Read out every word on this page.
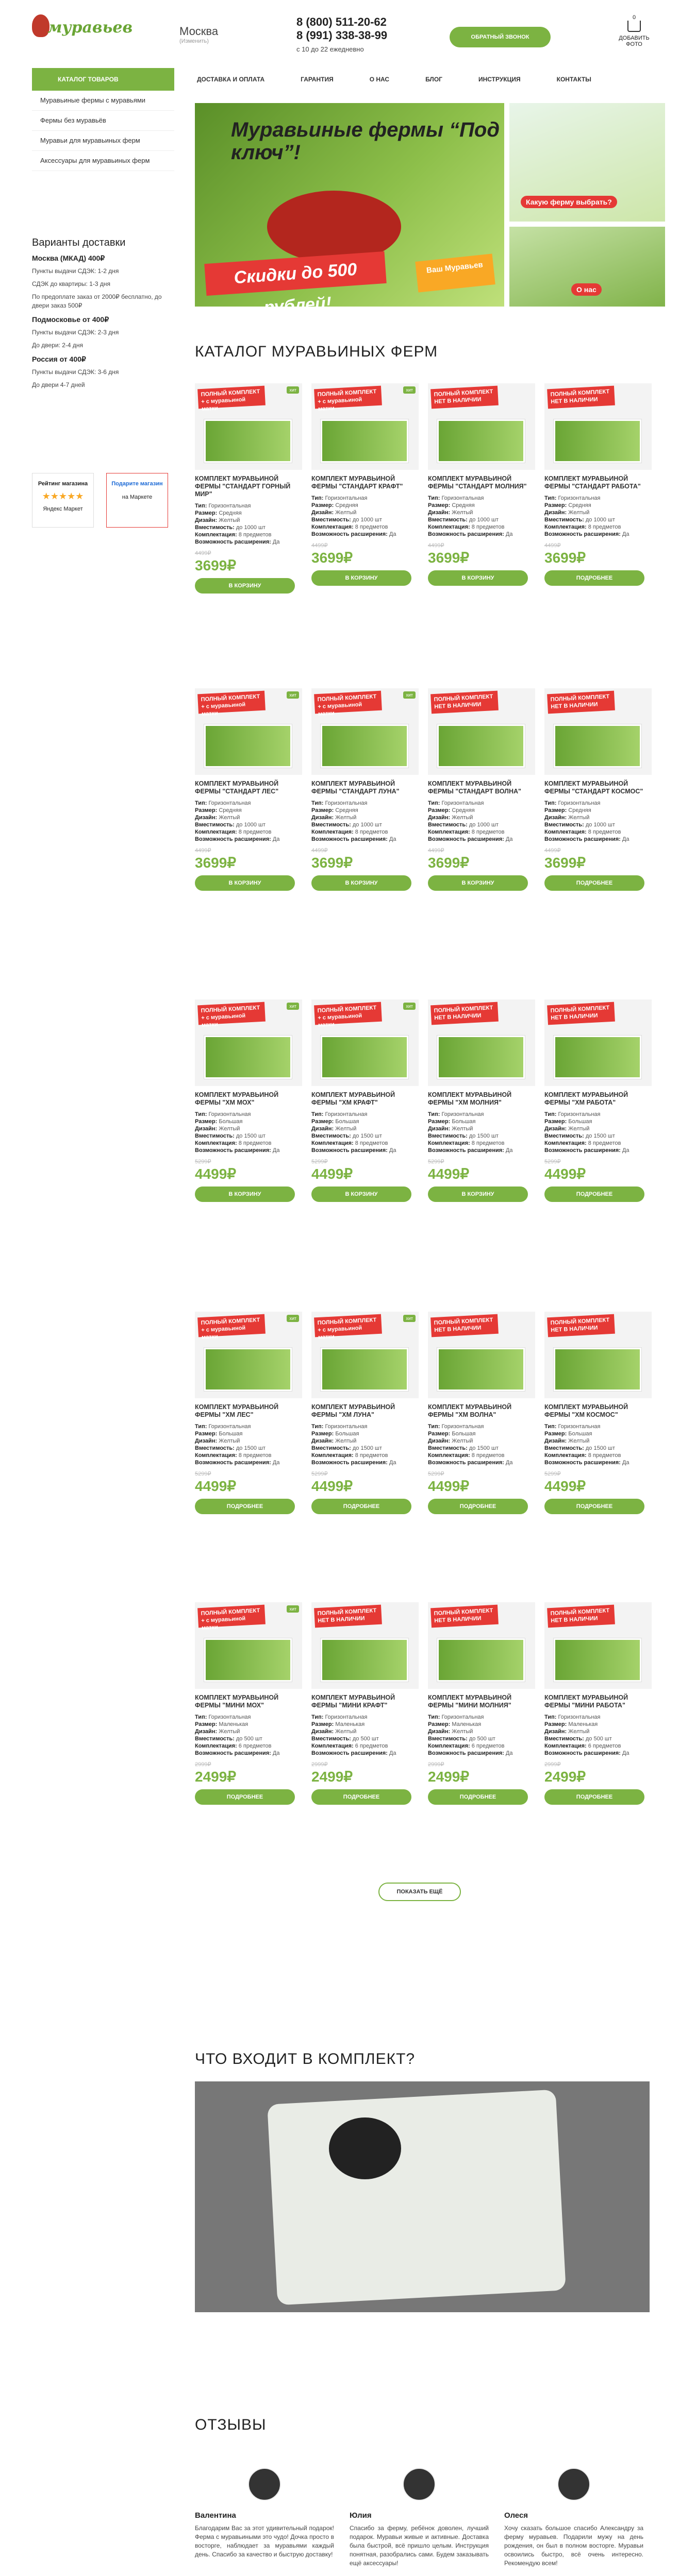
мурaвьев	Москва
(Изменить)
8 (800) 511-20-62
8 (991) 338-38-99
с 10 до 22 ежедневно
ОБРАТНЫЙ ЗВОНОК
0
ДОБАВИТЬ ФОТО
КАТАЛОГ ТОВАРОВ	ДОСТАВКА И ОПЛАТА	ГАРАНТИЯ	О НАС	БЛОГ	ИНСТРУКЦИЯ	КОНТАКТЫ
Муравьиные фермы с муравьями
Фермы без муравьёв
Муравьи для муравьиных ферм
Аксессуары для муравьиных ферм
Варианты доставки
Москва (МКАД) 400₽
Пункты выдачи СДЭК: 1-2 дня
СДЭК до квартиры: 1-3 дня
По предоплате заказ от 2000₽ бесплатно, до двери заказ 500₽
Подмосковье от 400₽
Пункты выдачи СДЭК: 2-3 дня
До двери: 2-4 дня
Россия от 400₽
Пункты выдачи СДЭК: 3-6 дня
До двери 4-7 дней
Рейтинг магазина
★★★★★
Яндекс Маркет
Подарите магазин
на Маркете
Муравьиные фермы “Под ключ”!
Скидки до 500 рублей!
Ваш Муравьев
‹	›
Какую ферму выбрать?
О нас
КАТАЛОГ МУРАВЬИНЫХ ФЕРМ
ПОЛНЫЙ КОМПЛЕКТ + с муравьиной матки
хит
КОМПЛЕКТ МУРАВЬИНОЙ ФЕРМЫ "СТАНДАРТ ГОРНЫЙ МИР"
Тип: Горизонтальная
Размер: Средняя
Дизайн: Желтый
Вместимость: до 1000 шт
Комплектация: 8 предметов
Возможность расширения: Да
4499₽
3699₽
В КОРЗИНУ
ПОЛНЫЙ КОМПЛЕКТ + с муравьиной матки
хит
КОМПЛЕКТ МУРАВЬИНОЙ ФЕРМЫ "СТАНДАРТ КРАФТ"
Тип: Горизонтальная
Размер: Средняя
Дизайн: Желтый
Вместимость: до 1000 шт
Комплектация: 8 предметов
Возможность расширения: Да
4499₽
3699₽
В КОРЗИНУ
ПОЛНЫЙ КОМПЛЕКТ НЕТ В НАЛИЧИИ
КОМПЛЕКТ МУРАВЬИНОЙ ФЕРМЫ "СТАНДАРТ МОЛНИЯ"
Тип: Горизонтальная
Размер: Средняя
Дизайн: Желтый
Вместимость: до 1000 шт
Комплектация: 8 предметов
Возможность расширения: Да
4499₽
3699₽
В КОРЗИНУ
ПОЛНЫЙ КОМПЛЕКТ НЕТ В НАЛИЧИИ
КОМПЛЕКТ МУРАВЬИНОЙ ФЕРМЫ "СТАНДАРТ РАБОТА"
Тип: Горизонтальная
Размер: Средняя
Дизайн: Желтый
Вместимость: до 1000 шт
Комплектация: 8 предметов
Возможность расширения: Да
4499₽
3699₽
ПОДРОБНЕЕ
ПОЛНЫЙ КОМПЛЕКТ + с муравьиной матки
хит
КОМПЛЕКТ МУРАВЬИНОЙ ФЕРМЫ "СТАНДАРТ ЛЕС"
Тип: Горизонтальная
Размер: Средняя
Дизайн: Желтый
Вместимость: до 1000 шт
Комплектация: 8 предметов
Возможность расширения: Да
4499₽
3699₽
В КОРЗИНУ
ПОЛНЫЙ КОМПЛЕКТ + с муравьиной матки
хит
КОМПЛЕКТ МУРАВЬИНОЙ ФЕРМЫ "СТАНДАРТ ЛУНА"
Тип: Горизонтальная
Размер: Средняя
Дизайн: Желтый
Вместимость: до 1000 шт
Комплектация: 8 предметов
Возможность расширения: Да
4499₽
3699₽
В КОРЗИНУ
ПОЛНЫЙ КОМПЛЕКТ НЕТ В НАЛИЧИИ
КОМПЛЕКТ МУРАВЬИНОЙ ФЕРМЫ "СТАНДАРТ ВОЛНА"
Тип: Горизонтальная
Размер: Средняя
Дизайн: Желтый
Вместимость: до 1000 шт
Комплектация: 8 предметов
Возможность расширения: Да
4499₽
3699₽
В КОРЗИНУ
ПОЛНЫЙ КОМПЛЕКТ НЕТ В НАЛИЧИИ
КОМПЛЕКТ МУРАВЬИНОЙ ФЕРМЫ "СТАНДАРТ КОСМОС"
Тип: Горизонтальная
Размер: Средняя
Дизайн: Желтый
Вместимость: до 1000 шт
Комплектация: 8 предметов
Возможность расширения: Да
4499₽
3699₽
ПОДРОБНЕЕ
ПОЛНЫЙ КОМПЛЕКТ + с муравьиной матки
хит
КОМПЛЕКТ МУРАВЬИНОЙ ФЕРМЫ "XM МОХ"
Тип: Горизонтальная
Размер: Большая
Дизайн: Желтый
Вместимость: до 1500 шт
Комплектация: 8 предметов
Возможность расширения: Да
5299₽
4499₽
В КОРЗИНУ
ПОЛНЫЙ КОМПЛЕКТ + с муравьиной матки
хит
КОМПЛЕКТ МУРАВЬИНОЙ ФЕРМЫ "XM КРАФТ"
Тип: Горизонтальная
Размер: Большая
Дизайн: Желтый
Вместимость: до 1500 шт
Комплектация: 8 предметов
Возможность расширения: Да
5299₽
4499₽
В КОРЗИНУ
ПОЛНЫЙ КОМПЛЕКТ НЕТ В НАЛИЧИИ
КОМПЛЕКТ МУРАВЬИНОЙ ФЕРМЫ "XM МОЛНИЯ"
Тип: Горизонтальная
Размер: Большая
Дизайн: Желтый
Вместимость: до 1500 шт
Комплектация: 8 предметов
Возможность расширения: Да
5299₽
4499₽
В КОРЗИНУ
ПОЛНЫЙ КОМПЛЕКТ НЕТ В НАЛИЧИИ
КОМПЛЕКТ МУРАВЬИНОЙ ФЕРМЫ "XM РАБОТА"
Тип: Горизонтальная
Размер: Большая
Дизайн: Желтый
Вместимость: до 1500 шт
Комплектация: 8 предметов
Возможность расширения: Да
5299₽
4499₽
ПОДРОБНЕЕ
ПОЛНЫЙ КОМПЛЕКТ + с муравьиной матки
хит
КОМПЛЕКТ МУРАВЬИНОЙ ФЕРМЫ "XM ЛЕС"
Тип: Горизонтальная
Размер: Большая
Дизайн: Желтый
Вместимость: до 1500 шт
Комплектация: 8 предметов
Возможность расширения: Да
5299₽
4499₽
ПОДРОБНЕЕ
ПОЛНЫЙ КОМПЛЕКТ + с муравьиной матки
хит
КОМПЛЕКТ МУРАВЬИНОЙ ФЕРМЫ "XM ЛУНА"
Тип: Горизонтальная
Размер: Большая
Дизайн: Желтый
Вместимость: до 1500 шт
Комплектация: 8 предметов
Возможность расширения: Да
5299₽
4499₽
ПОДРОБНЕЕ
ПОЛНЫЙ КОМПЛЕКТ НЕТ В НАЛИЧИИ
КОМПЛЕКТ МУРАВЬИНОЙ ФЕРМЫ "XM ВОЛНА"
Тип: Горизонтальная
Размер: Большая
Дизайн: Желтый
Вместимость: до 1500 шт
Комплектация: 8 предметов
Возможность расширения: Да
5299₽
4499₽
ПОДРОБНЕЕ
ПОЛНЫЙ КОМПЛЕКТ НЕТ В НАЛИЧИИ
КОМПЛЕКТ МУРАВЬИНОЙ ФЕРМЫ "XM КОСМОС"
Тип: Горизонтальная
Размер: Большая
Дизайн: Желтый
Вместимость: до 1500 шт
Комплектация: 8 предметов
Возможность расширения: Да
5299₽
4499₽
ПОДРОБНЕЕ
ПОЛНЫЙ КОМПЛЕКТ + с муравьиной матки
хит
КОМПЛЕКТ МУРАВЬИНОЙ ФЕРМЫ "МИНИ МОХ"
Тип: Горизонтальная
Размер: Маленькая
Дизайн: Желтый
Вместимость: до 500 шт
Комплектация: 6 предметов
Возможность расширения: Да
2999₽
2499₽
ПОДРОБНЕЕ
ПОЛНЫЙ КОМПЛЕКТ НЕТ В НАЛИЧИИ
КОМПЛЕКТ МУРАВЬИНОЙ ФЕРМЫ "МИНИ КРАФТ"
Тип: Горизонтальная
Размер: Маленькая
Дизайн: Желтый
Вместимость: до 500 шт
Комплектация: 6 предметов
Возможность расширения: Да
2999₽
2499₽
ПОДРОБНЕЕ
ПОЛНЫЙ КОМПЛЕКТ НЕТ В НАЛИЧИИ
КОМПЛЕКТ МУРАВЬИНОЙ ФЕРМЫ "МИНИ МОЛНИЯ"
Тип: Горизонтальная
Размер: Маленькая
Дизайн: Желтый
Вместимость: до 500 шт
Комплектация: 6 предметов
Возможность расширения: Да
2999₽
2499₽
ПОДРОБНЕЕ
ПОЛНЫЙ КОМПЛЕКТ НЕТ В НАЛИЧИИ
КОМПЛЕКТ МУРАВЬИНОЙ ФЕРМЫ "МИНИ РАБОТА"
Тип: Горизонтальная
Размер: Маленькая
Дизайн: Желтый
Вместимость: до 500 шт
Комплектация: 6 предметов
Возможность расширения: Да
2999₽
2499₽
ПОДРОБНЕЕ
ПОКАЗАТЬ ЕЩЁ
ЧТО ВХОДИТ В КОМПЛЕКТ?
ОТЗЫВЫ
Валентина
Благодарим Вас за этот удивительный подарок! Ферма с муравьиными это чудо! Дочка просто в восторге, наблюдает за муравьями каждый день. Спасибо за качество и быструю доставку!
Юлия
Спасибо за ферму, ребёнок доволен, лучший подарок. Муравьи живые и активные. Доставка была быстрой, всё пришло целым. Инструкция понятная, разобрались сами. Будем заказывать ещё аксессуары!
Олеся
Хочу сказать большое спасибо Александру за ферму муравьев. Подарили мужу на день рождения, он был в полном восторге. Муравьи освоились быстро, всё очень интересно. Рекомендую всем!
